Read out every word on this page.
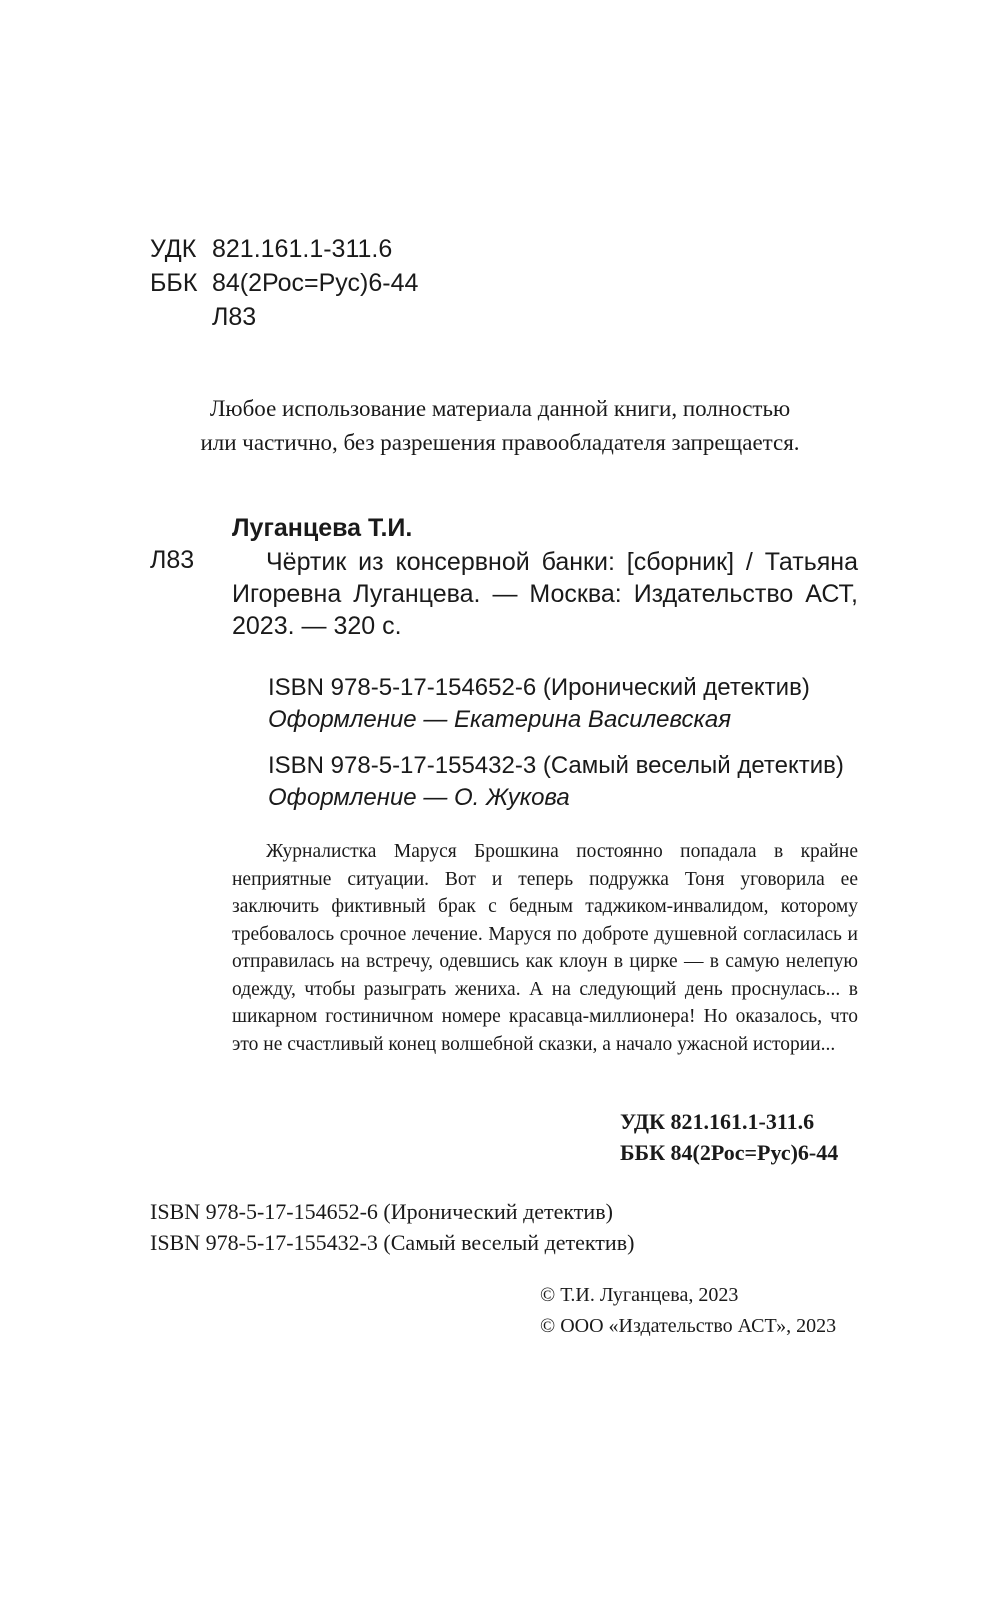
УДК 821.161.1-311.6
ББК 84(2Рос=Рус)6-44
Л83
Любое использование материала данной книги, полностью
или частично, без разрешения правообладателя запрещается.
Луганцева Т.И.
Л83	Чёртик из консервной банки: [сборник] / Татьяна Игоревна Луганцева. — Москва: Издательство АСТ, 2023. — 320 с.
ISBN 978-5-17-154652-6 (Иронический детектив)
Оформление — Екатерина Василевская
ISBN 978-5-17-155432-3 (Самый веселый детектив)
Оформление — О. Жукова
Журналистка Маруся Брошкина постоянно попадала в крайне неприятные ситуации. Вот и теперь подружка Тоня уговорила ее заключить фиктивный брак с бедным таджиком-инвалидом, которому требовалось срочное лечение. Маруся по доброте душевной согласилась и отправилась на встречу, одевшись как клоун в цирке — в самую нелепую одежду, чтобы разыграть жениха. А на следующий день проснулась... в шикарном гостиничном номере красавца-миллионера! Но оказалось, что это не счастливый конец волшебной сказки, а начало ужасной истории...
УДК 821.161.1-311.6
ББК 84(2Рос=Рус)6-44
ISBN 978-5-17-154652-6 (Иронический детектив)
ISBN 978-5-17-155432-3 (Самый веселый детектив)
© Т.И. Луганцева, 2023
© ООО «Издательство АСТ», 2023
